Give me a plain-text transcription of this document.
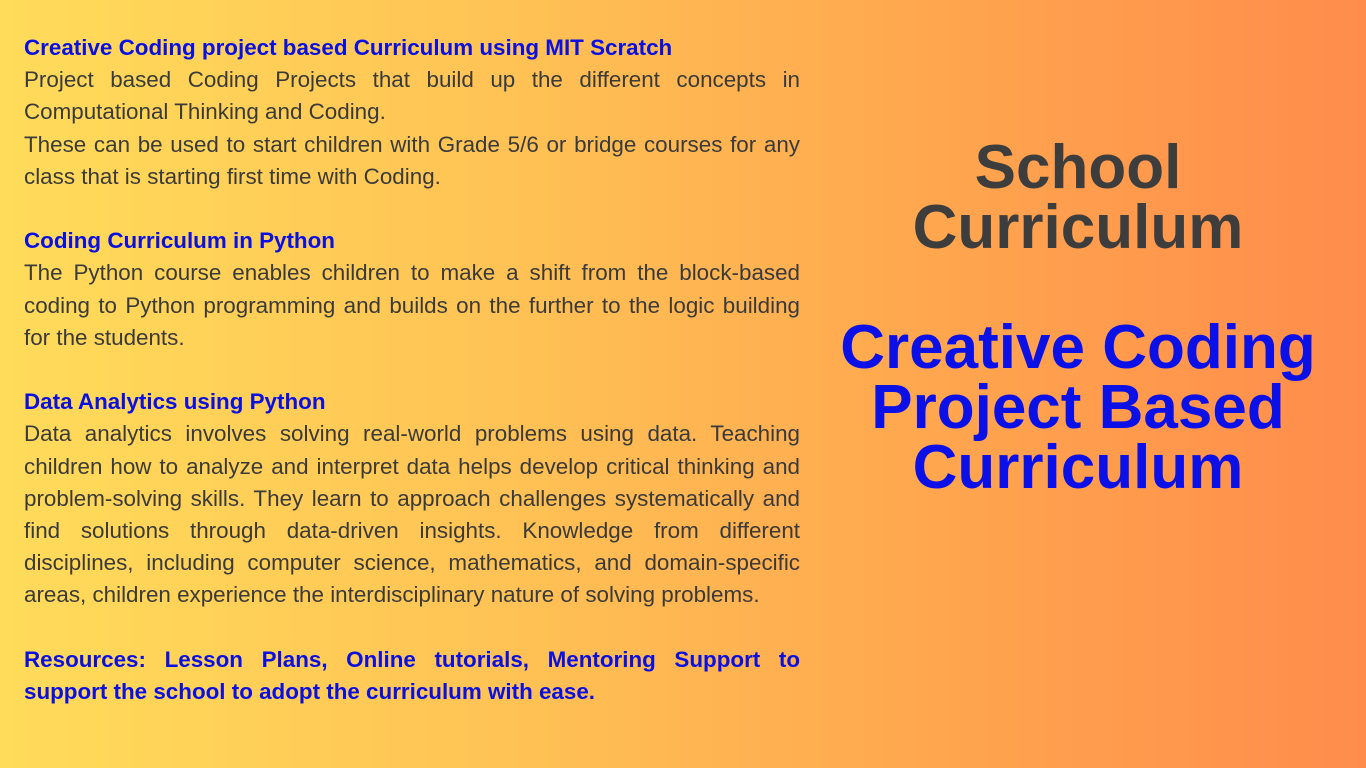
Creative Coding project based Curriculum using MIT Scratch

Project based Coding Projects that build up the different concepts in Computational Thinking and Coding.

These can be used to start children with Grade 5/6 or bridge courses for any class that is starting first time with Coding.

Coding Curriculum in Python

The Python course enables children to make a shift from the block-based coding to Python programming and builds on the further to the logic building for the students.

Data Analytics using Python

Data analytics involves solving real-world problems using data. Teaching children how to analyze and interpret data helps develop critical thinking and problem-solving skills. They learn to approach challenges systematically and find solutions through data-driven insights. Knowledge from different disciplines, including computer science, mathematics, and domain-specific areas, children experience the interdisciplinary nature of solving problems.

Resources: Lesson Plans, Online tutorials, Mentoring Support to support the school to adopt the curriculum with ease.

School
Curriculum
Creative Coding
Project Based
Curriculum
